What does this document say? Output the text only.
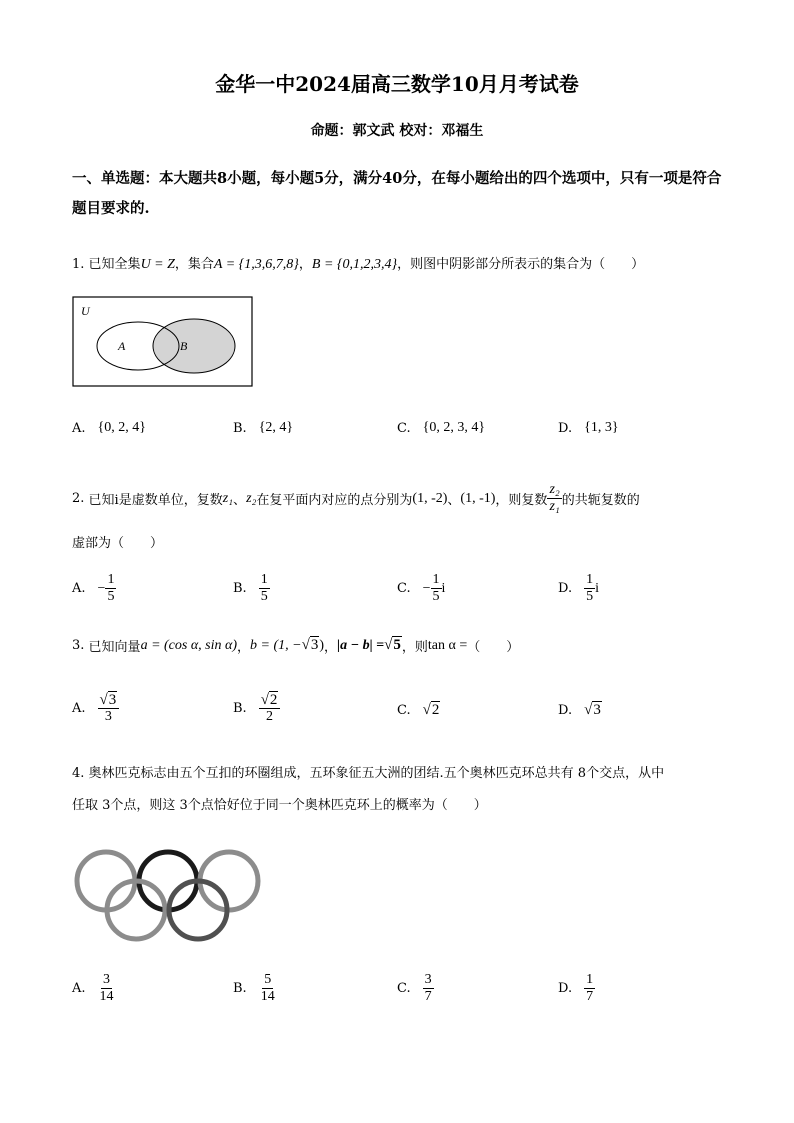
金华一中2024届高三数学10月月考试卷
命题：郭文武 校对：邓福生
一、单选题：本大题共8小题，每小题5分，满分40分，在每小题给出的四个选项中，只有一项是符合题目要求的.
1. 已知全集U = Z，集合A = {1,3,6,7,8}，B = {0,1,2,3,4}，则图中阴影部分所表示的集合为（　　）
U
A	B
A. {0, 2, 4}	B. {2, 4}	C. {0, 2, 3, 4}	D. {1, 3}
2.
已知i是虚数单位，复数 z₁ 、 z₂ 在复平面内对应的点分别为 (1, -2) 、 (1, -1) ，则复数 $\frac{\text{z₂}}{\text{z₁}}$ 的共轭复数的
虚部为（　　）
A. − $\frac{1}{5}$	B. $\frac{1}{5}$	C. − $\frac{1}{5}$ i	D. $\frac{1}{5}$ i
3.
已知向量 a = (cos α, sin α) ， b = (1, − √3 ) ， |a − b| = √5 ，则 tan α = （　　）
A. $\frac{√3}{3}$	B. $\frac{√2}{2}$	C. √2	D. √3
4. 奥林匹克标志由五个互扣的环圈组成，五环象征五大洲的团结.五个奥林匹克环总共有 8个交点，从中
任取 3个点，则这 3个点恰好位于同一个奥林匹克环上的概率为（　　）
A. $\frac{3}{14}$	B. $\frac{5}{14}$	C. $\frac{3}{7}$	D. $\frac{1}{7}$
